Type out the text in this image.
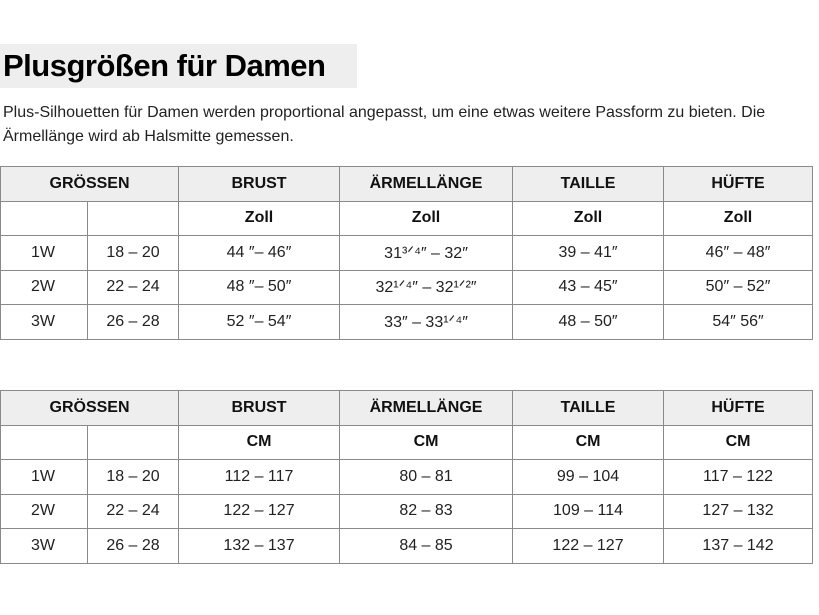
Plusgrößen für Damen

Plus-Silhouetten für Damen werden proportional angepasst, um eine etwas weitere Passform zu bieten. Die Ärmellänge wird ab Halsmitte gemessen.

GRÖSSEN		BRUST	ÄRMELLÄNGE	TAILLE	HÜFTE
		Zoll	Zoll	Zoll	Zoll
1W	18 – 20	44 ″– 46″	31³ᐟ⁴″ – 32″	39 – 41″	46″ – 48″
2W	22 – 24	48 ″– 50″	32¹ᐟ⁴″ – 32¹ᐟ²″	43 – 45″	50″ – 52″
3W	26 – 28	52 ″– 54″	33″ – 33¹ᐟ⁴″	48 – 50″	54″ 56″
GRÖSSEN		BRUST	ÄRMELLÄNGE	TAILLE	HÜFTE
		CM	CM	CM	CM
1W	18 – 20	112 – 117	80 – 81	99 – 104	117 – 122
2W	22 – 24	122 – 127	82 – 83	109 – 114	127 – 132
3W	26 – 28	132 – 137	84 – 85	122 – 127	137 – 142
